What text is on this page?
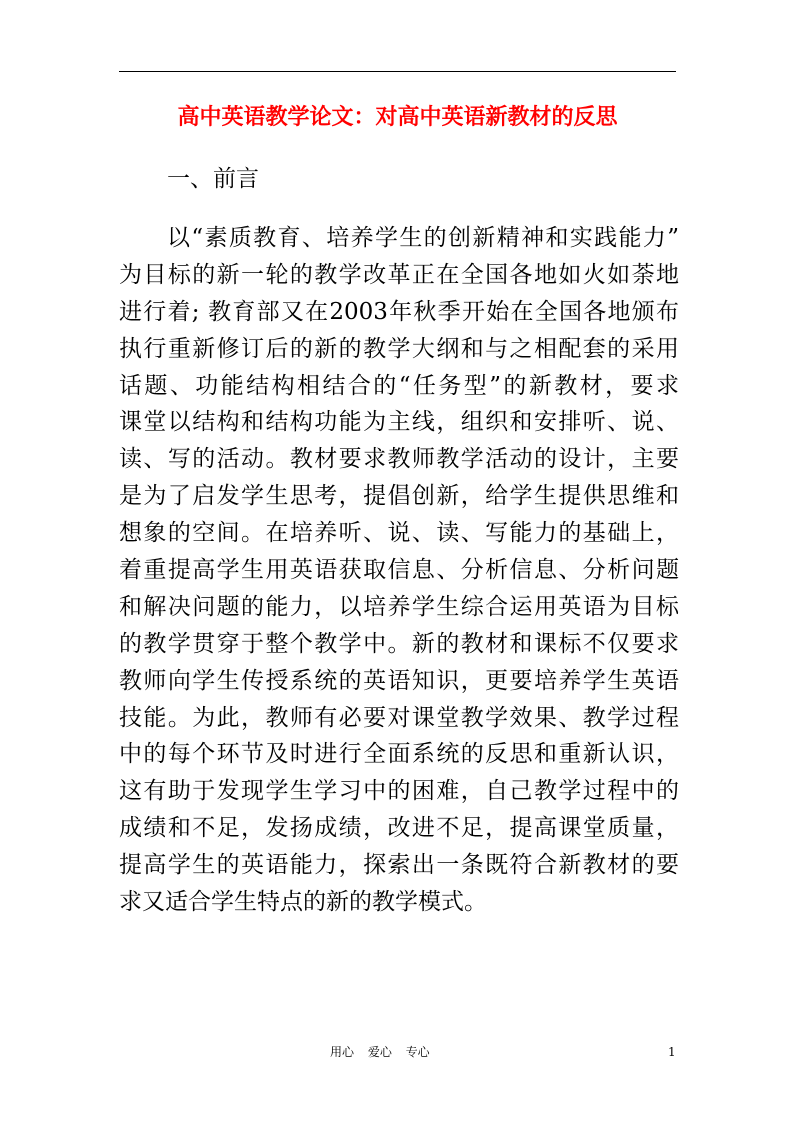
高中英语教学论文：对高中英语新教材的反思
一、前言
以“素质教育、培养学生的创新精神和实践能力”
为目标的新一轮的教学改革正在全国各地如火如荼地
进行着; 教育部又在2003年秋季开始在全国各地颁布
执行重新修订后的新的教学大纲和与之相配套的采用
话题、功能结构相结合的“任务型”的新教材，要求
课堂以结构和结构功能为主线，组织和安排听、说、
读、写的活动。教材要求教师教学活动的设计，主要
是为了启发学生思考，提倡创新，给学生提供思维和
想象的空间。在培养听、说、读、写能力的基础上，
着重提高学生用英语获取信息、分析信息、分析问题
和解决问题的能力，以培养学生综合运用英语为目标
的教学贯穿于整个教学中。新的教材和课标不仅要求
教师向学生传授系统的英语知识，更要培养学生英语
技能。为此，教师有必要对课堂教学效果、教学过程
中的每个环节及时进行全面系统的反思和重新认识，
这有助于发现学生学习中的困难，自己教学过程中的
成绩和不足，发扬成绩，改进不足，提高课堂质量，
提高学生的英语能力，探索出一条既符合新教材的要
求又适合学生特点的新的教学模式。
用心 爱心 专心	1
